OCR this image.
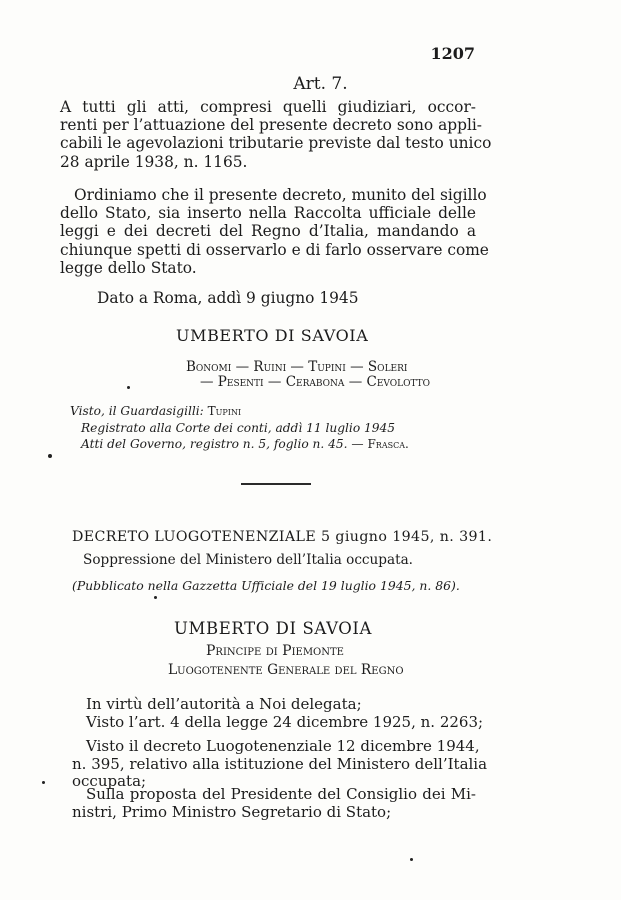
1207
Art. 7.
A tutti gli atti, compresi quelli giudiziari, occor-
renti per l’attuazione del presente decreto sono appli-
cabili le agevolazioni tributarie previste dal testo unico
28 aprile 1938, n. 1165.
Ordiniamo che il presente decreto, munito del sigillo
dello Stato, sia inserto nella Raccolta ufficiale delle
leggi e dei decreti del Regno d’Italia, mandando a
chiunque spetti di osservarlo e di farlo osservare come
legge dello Stato.
Dato a Roma, addì 9 giugno 1945
UMBERTO DI SAVOIA
Bonomi — Ruini — Tupini — Soleri
— Pesenti — Cerabona — Cevolotto
Visto, il Guardasigilli: Tupini
Registrato alla Corte dei conti, addì 11 luglio 1945
Atti del Governo, registro n. 5, foglio n. 45. — Frasca.
DECRETO LUOGOTENENZIALE 5 giugno 1945, n. 391.
Soppressione del Ministero dell’Italia occupata.
(Pubblicato nella Gazzetta Ufficiale del 19 luglio 1945, n. 86).
UMBERTO DI SAVOIA
Principe di Piemonte
Luogotenente Generale del Regno
In virtù dell’autorità a Noi delegata;
Visto l’art. 4 della legge 24 dicembre 1925, n. 2263;
Visto il decreto Luogotenenziale 12 dicembre 1944,
n. 395, relativo alla istituzione del Ministero dell’Italia
occupata;
Sulla proposta del Presidente del Consiglio dei Mi-
nistri, Primo Ministro Segretario di Stato;
